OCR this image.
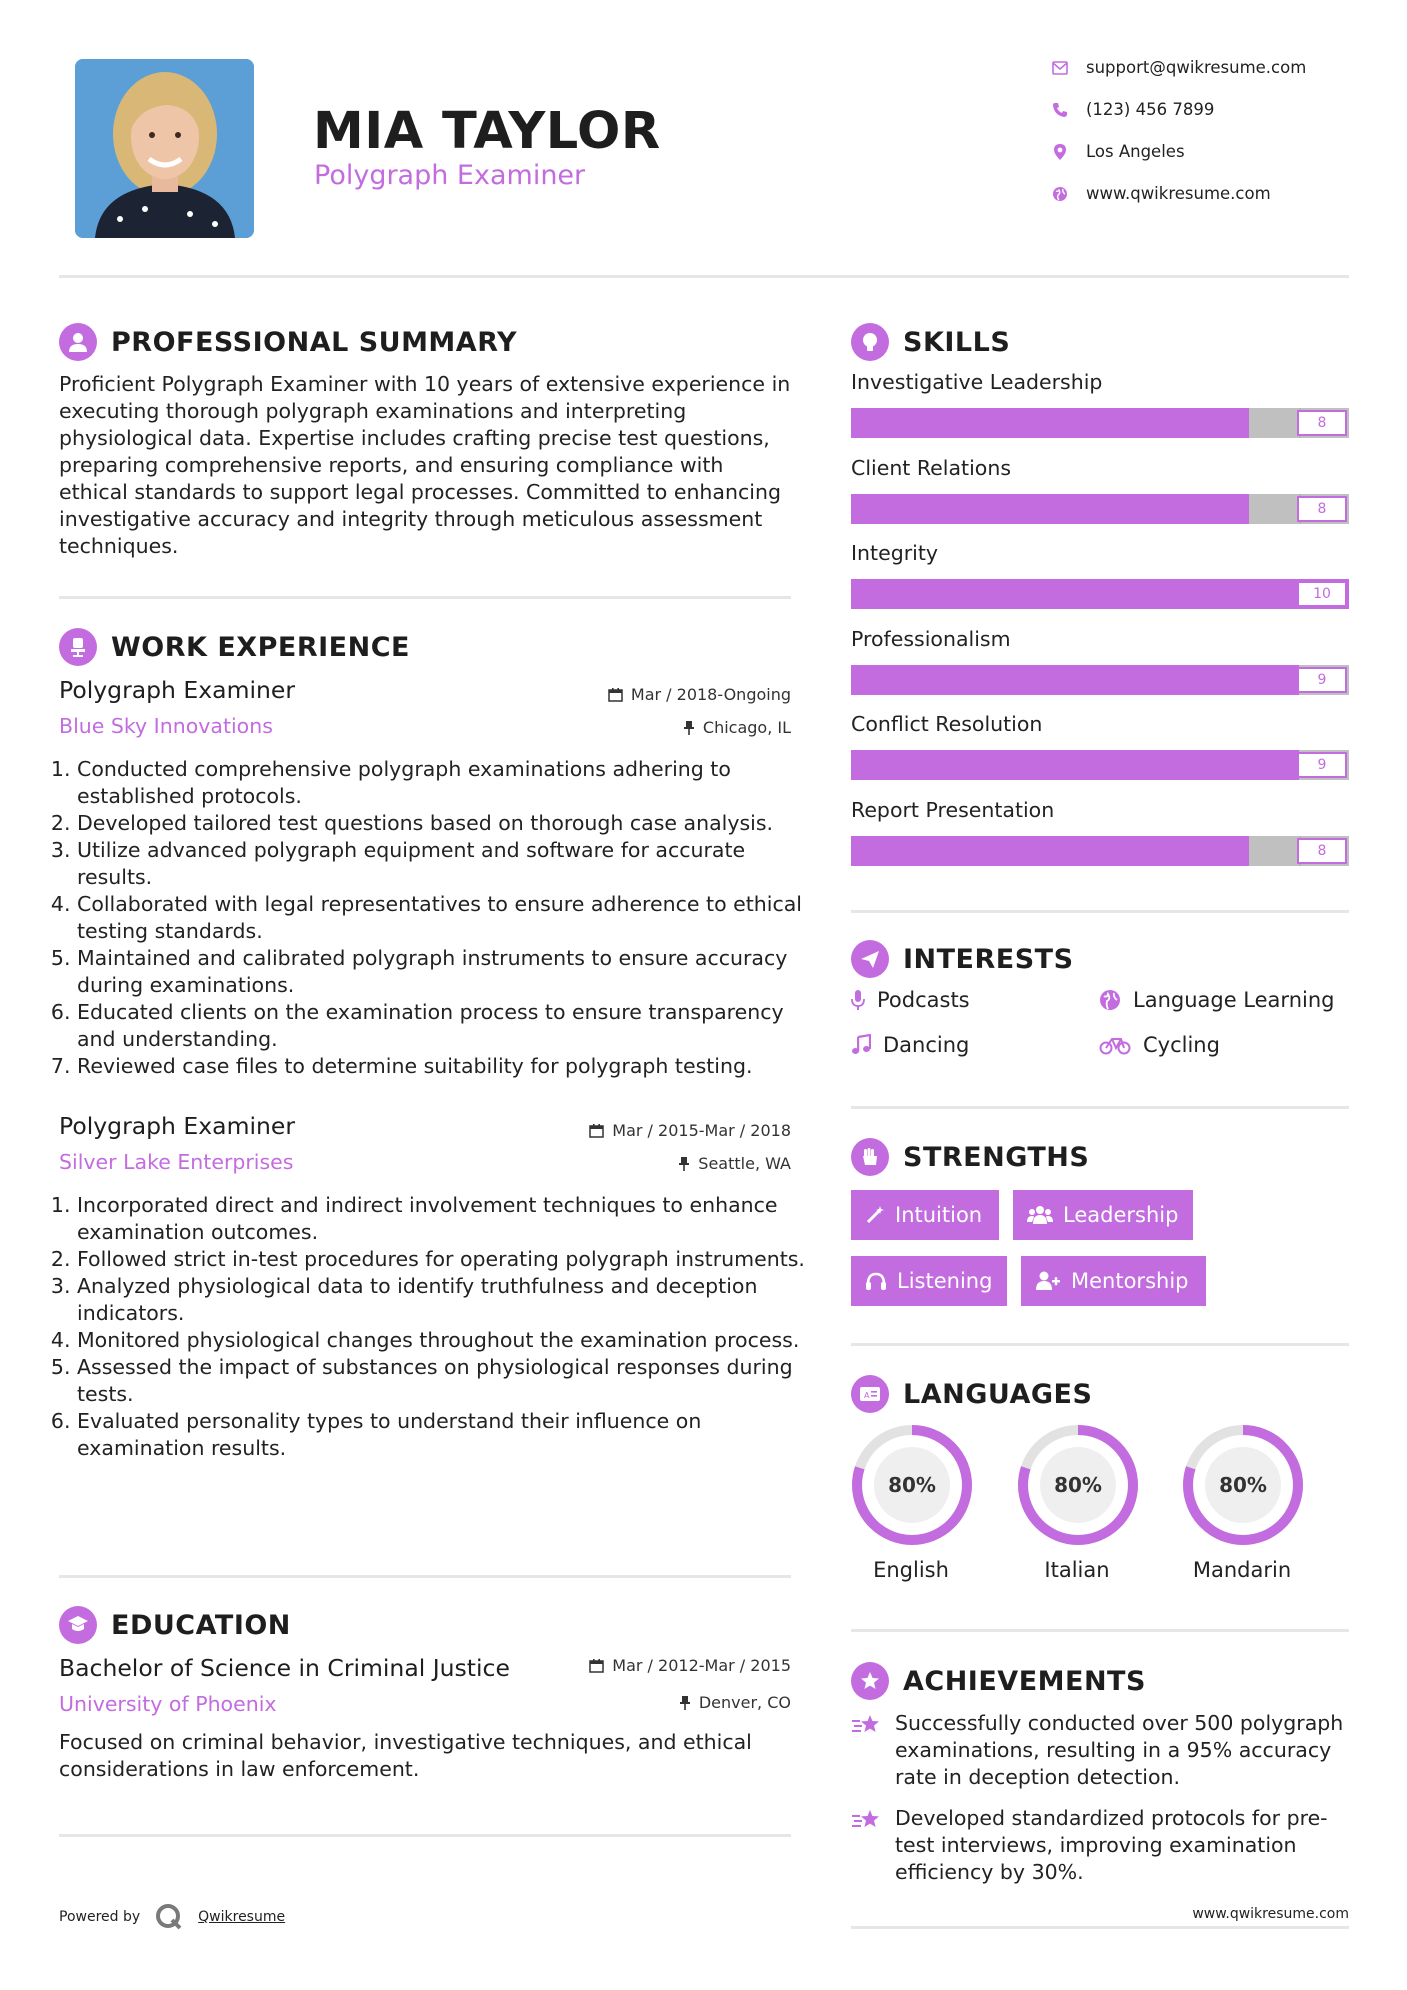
MIA TAYLOR
Polygraph Examiner
support@qwikresume.com
(123) 456 7899
Los Angeles
www.qwikresume.com
PROFESSIONAL SUMMARY
Proficient Polygraph Examiner with 10 years of extensive experience in executing thorough polygraph examinations and interpreting physiological data. Expertise includes crafting precise test questions, preparing comprehensive reports, and ensuring compliance with ethical standards to support legal processes. Committed to enhancing investigative accuracy and integrity through meticulous assessment techniques.
WORK EXPERIENCE
Polygraph Examiner	Mar / 2018-Ongoing
Blue Sky Innovations	Chicago, IL
1. Conducted comprehensive polygraph examinations adhering to established protocols.
2. Developed tailored test questions based on thorough case analysis.
3. Utilize advanced polygraph equipment and software for accurate results.
4. Collaborated with legal representatives to ensure adherence to ethical testing standards.
5. Maintained and calibrated polygraph instruments to ensure accuracy during examinations.
6. Educated clients on the examination process to ensure transparency and understanding.
7. Reviewed case files to determine suitability for polygraph testing.
Polygraph Examiner	Mar / 2015-Mar / 2018
Silver Lake Enterprises	Seattle, WA
1. Incorporated direct and indirect involvement techniques to enhance examination outcomes.
2. Followed strict in-test procedures for operating polygraph instruments.
3. Analyzed physiological data to identify truthfulness and deception indicators.
4. Monitored physiological changes throughout the examination process.
5. Assessed the impact of substances on physiological responses during tests.
6. Evaluated personality types to understand their influence on examination results.
EDUCATION
Bachelor of Science in Criminal Justice	Mar / 2012-Mar / 2015
University of Phoenix	Denver, CO
Focused on criminal behavior, investigative techniques, and ethical considerations in law enforcement.
Powered by	Qwikresume
SKILLS
Investigative Leadership
8
Client Relations
8
Integrity
10
Professionalism
9
Conflict Resolution
9
Report Presentation
8
INTERESTS
Podcasts	Language Learning
Dancing	Cycling
STRENGTHS
Intuition	Leadership
Listening	Mentorship
A LANGUAGES
80%
English
80%
Italian
80%
Mandarin
ACHIEVEMENTS
Successfully conducted over 500 polygraph examinations, resulting in a 95% accuracy rate in deception detection.
Developed standardized protocols for pre-test interviews, improving examination efficiency by 30%.
www.qwikresume.com
